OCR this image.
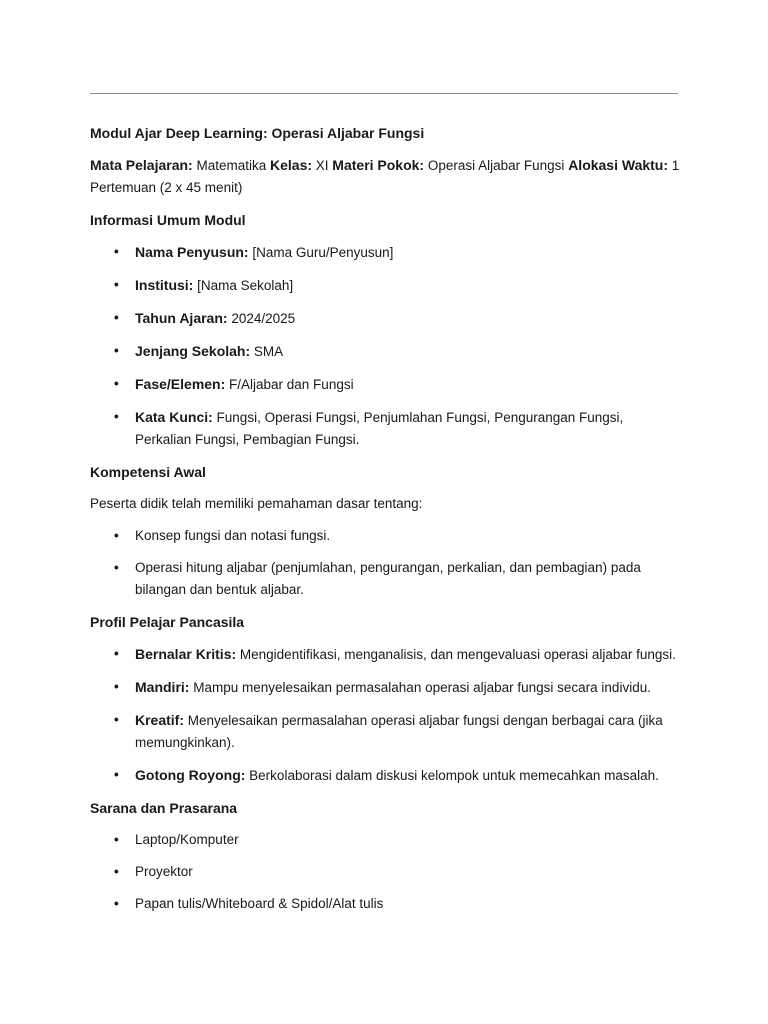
Modul Ajar Deep Learning: Operasi Aljabar Fungsi

Mata Pelajaran: Matematika Kelas: XI Materi Pokok: Operasi Aljabar Fungsi Alokasi Waktu: 1 Pertemuan (2 x 45 menit)

Informasi Umum Modul
• Nama Penyusun: [Nama Guru/Penyusun]
• Institusi: [Nama Sekolah]
• Tahun Ajaran: 2024/2025
• Jenjang Sekolah: SMA
• Fase/Elemen: F/Aljabar dan Fungsi
• Kata Kunci: Fungsi, Operasi Fungsi, Penjumlahan Fungsi, Pengurangan Fungsi, Perkalian Fungsi, Pembagian Fungsi.
Kompetensi Awal

Peserta didik telah memiliki pemahaman dasar tentang:

• Konsep fungsi dan notasi fungsi.
• Operasi hitung aljabar (penjumlahan, pengurangan, perkalian, dan pembagian) pada bilangan dan bentuk aljabar.
Profil Pelajar Pancasila
• Bernalar Kritis: Mengidentifikasi, menganalisis, dan mengevaluasi operasi aljabar fungsi.
• Mandiri: Mampu menyelesaikan permasalahan operasi aljabar fungsi secara individu.
• Kreatif: Menyelesaikan permasalahan operasi aljabar fungsi dengan berbagai cara (jika memungkinkan).
• Gotong Royong: Berkolaborasi dalam diskusi kelompok untuk memecahkan masalah.
Sarana dan Prasarana
• Laptop/Komputer
• Proyektor
• Papan tulis/Whiteboard & Spidol/Alat tulis
